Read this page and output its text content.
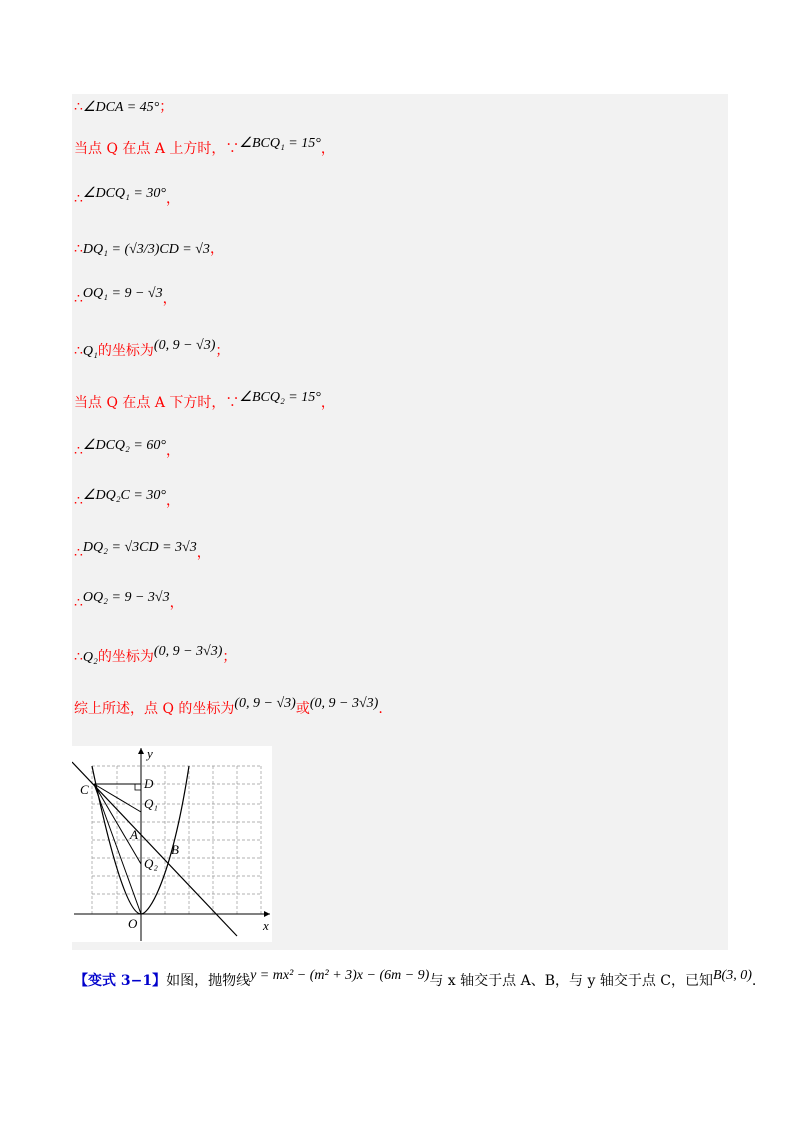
∴∠DCA = 45°；
当点 Q 在点 A 上方时，∵∠BCQ₁ = 15°，
∴∠DCQ₁ = 30°，
∴DQ₁ = (√3/3)CD = √3，
∴OQ₁ = 9 − √3，
∴Q₁的坐标为(0, 9 − √3)；
当点 Q 在点 A 下方时，∵∠BCQ₂ = 15°，
∴∠DCQ₂ = 60°，
∴∠DQ₂C = 30°，
∴DQ₂ = √3CD = 3√3，
∴OQ₂ = 9 − 3√3，
∴Q₂的坐标为(0, 9 − 3√3)；
综上所述，点 Q 的坐标为(0, 9 − √3)或(0, 9 − 3√3).
y
x
O
C	D
Q₁
A
B
Q₂
【变式 3−1】如图，抛物线y = mx² − (m² + 3)x − (6m − 9)与 x 轴交于点 A、B，与 y 轴交于点 C，已知B(3, 0).
